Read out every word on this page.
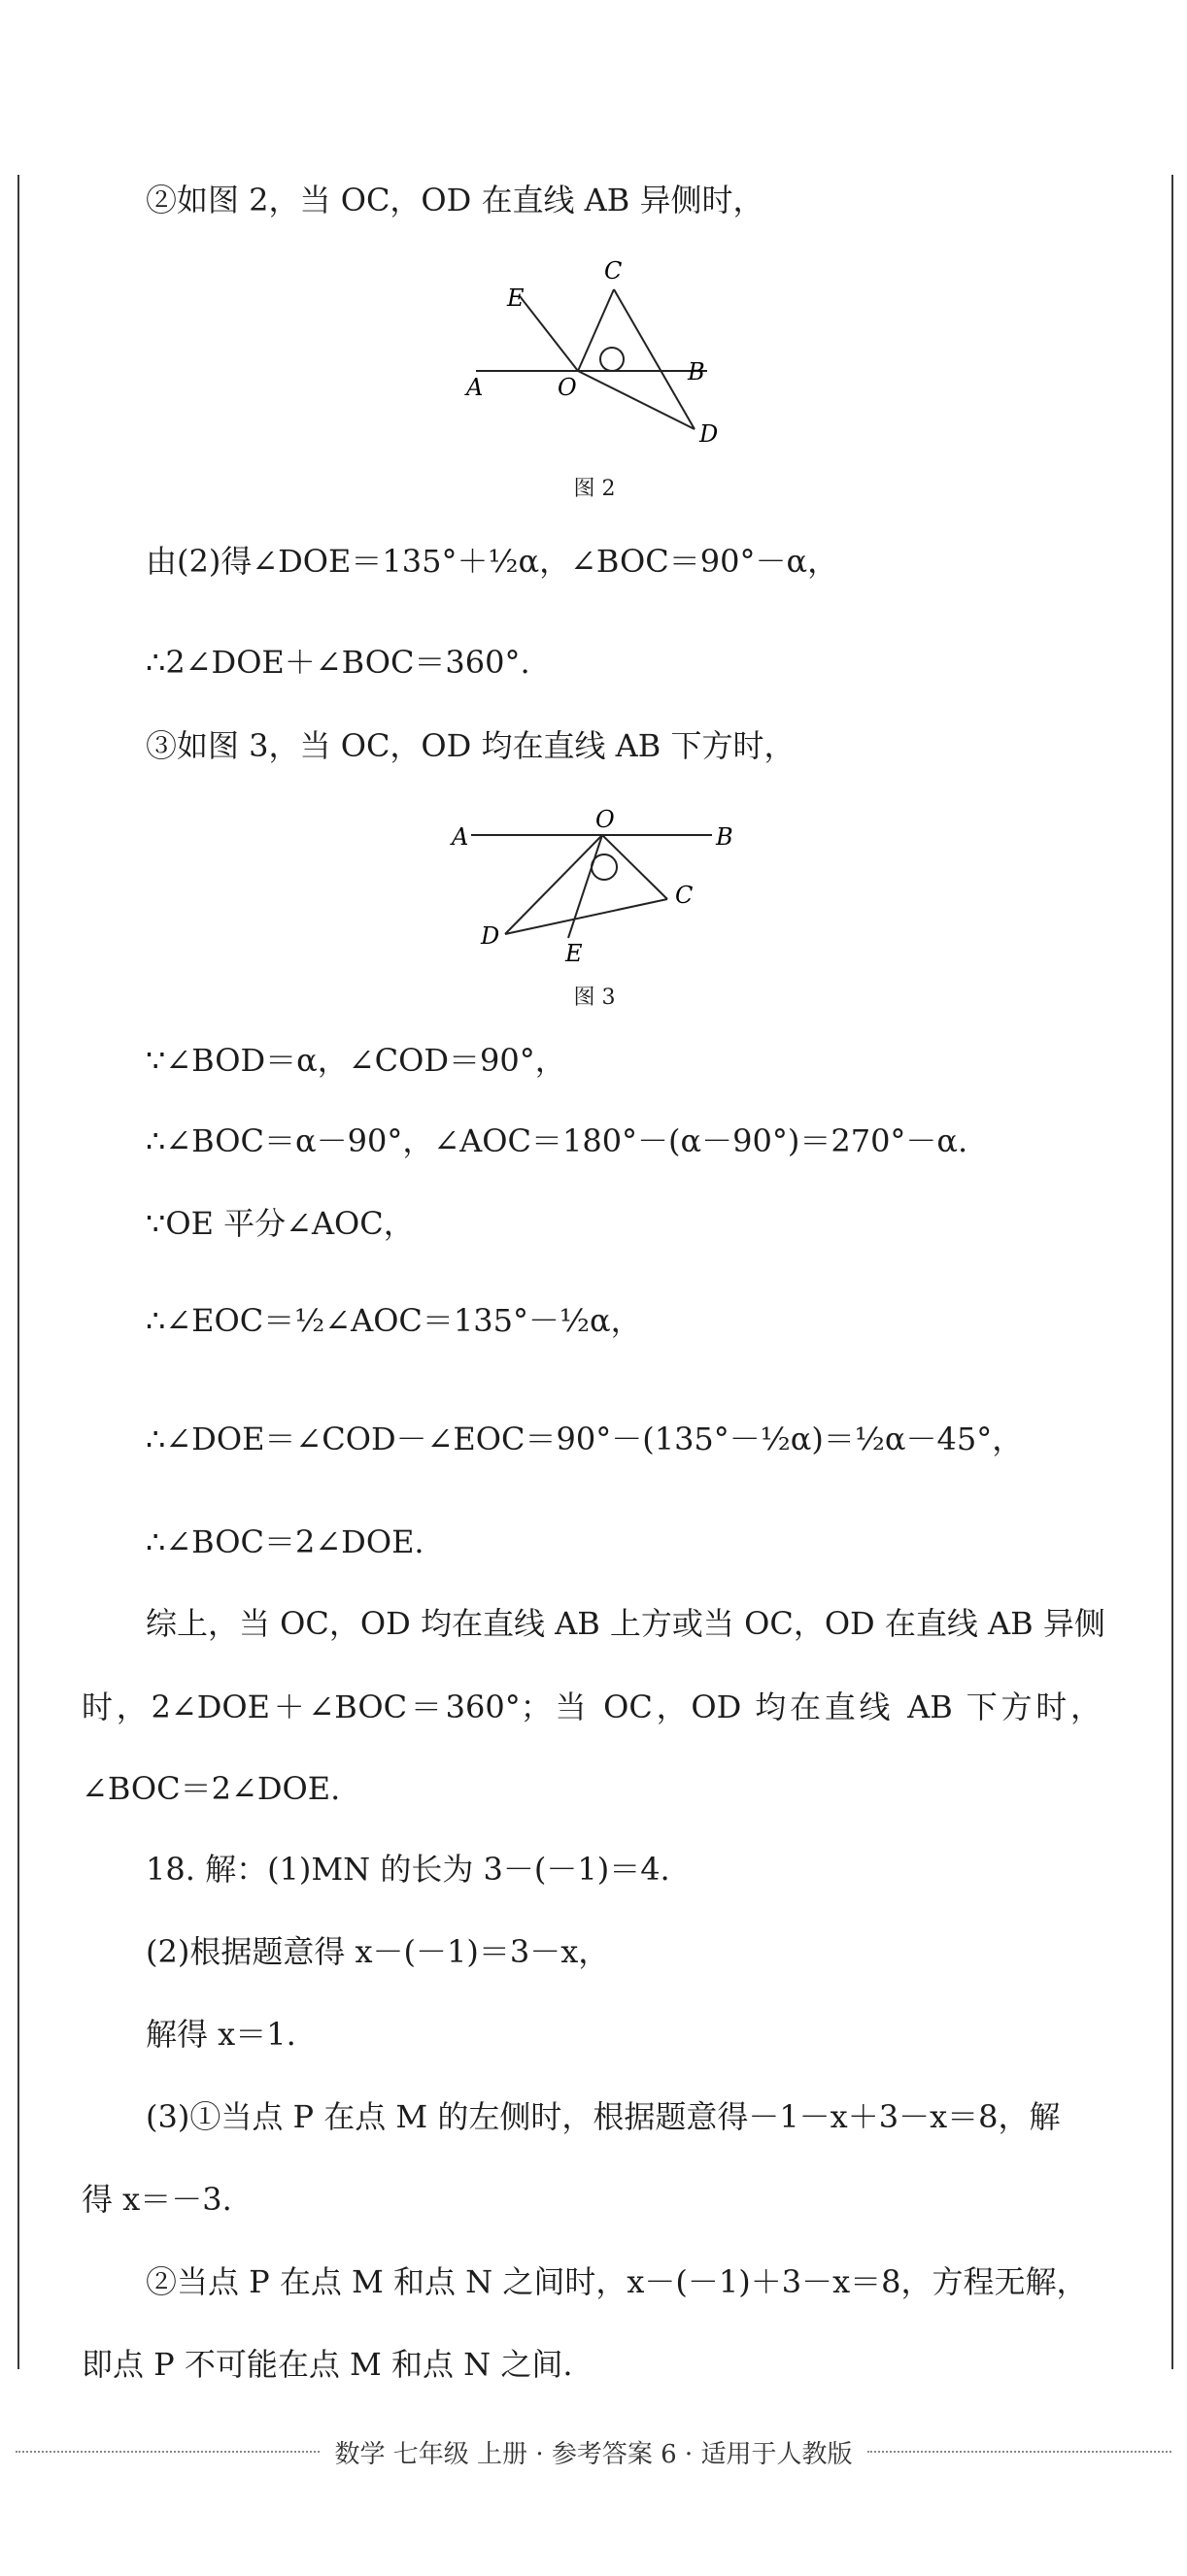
②如图 2，当 OC，OD 在直线 AB 异侧时，
E
C
A	O
B
D
图 2
由(2)得∠DOE＝135°＋½α，∠BOC＝90°－α，
∴2∠DOE＋∠BOC＝360°.
③如图 3，当 OC，OD 均在直线 AB 下方时，
A
O
B
C
D
E
图 3
∵∠BOD＝α，∠COD＝90°，
∴∠BOC＝α－90°，∠AOC＝180°－(α－90°)＝270°－α.
∵OE 平分∠AOC，
∴∠EOC＝½∠AOC＝135°－½α，
∴∠DOE＝∠COD－∠EOC＝90°－(135°－½α)＝½α－45°，
∴∠BOC＝2∠DOE.
综上，当 OC，OD 均在直线 AB 上方或当 OC，OD 在直线 AB 异侧
时，2∠DOE＋∠BOC＝360°；当 OC，OD 均在直线 AB 下方时，
∠BOC＝2∠DOE.
18. 解：(1)MN 的长为 3－(－1)＝4.
(2)根据题意得 x－(－1)＝3－x，
解得 x＝1.
(3)①当点 P 在点 M 的左侧时，根据题意得－1－x＋3－x＝8，解
得 x＝－3.
②当点 P 在点 M 和点 N 之间时，x－(－1)＋3－x＝8，方程无解，
即点 P 不可能在点 M 和点 N 之间.
数学 七年级 上册 · 参考答案 6 · 适用于人教版
